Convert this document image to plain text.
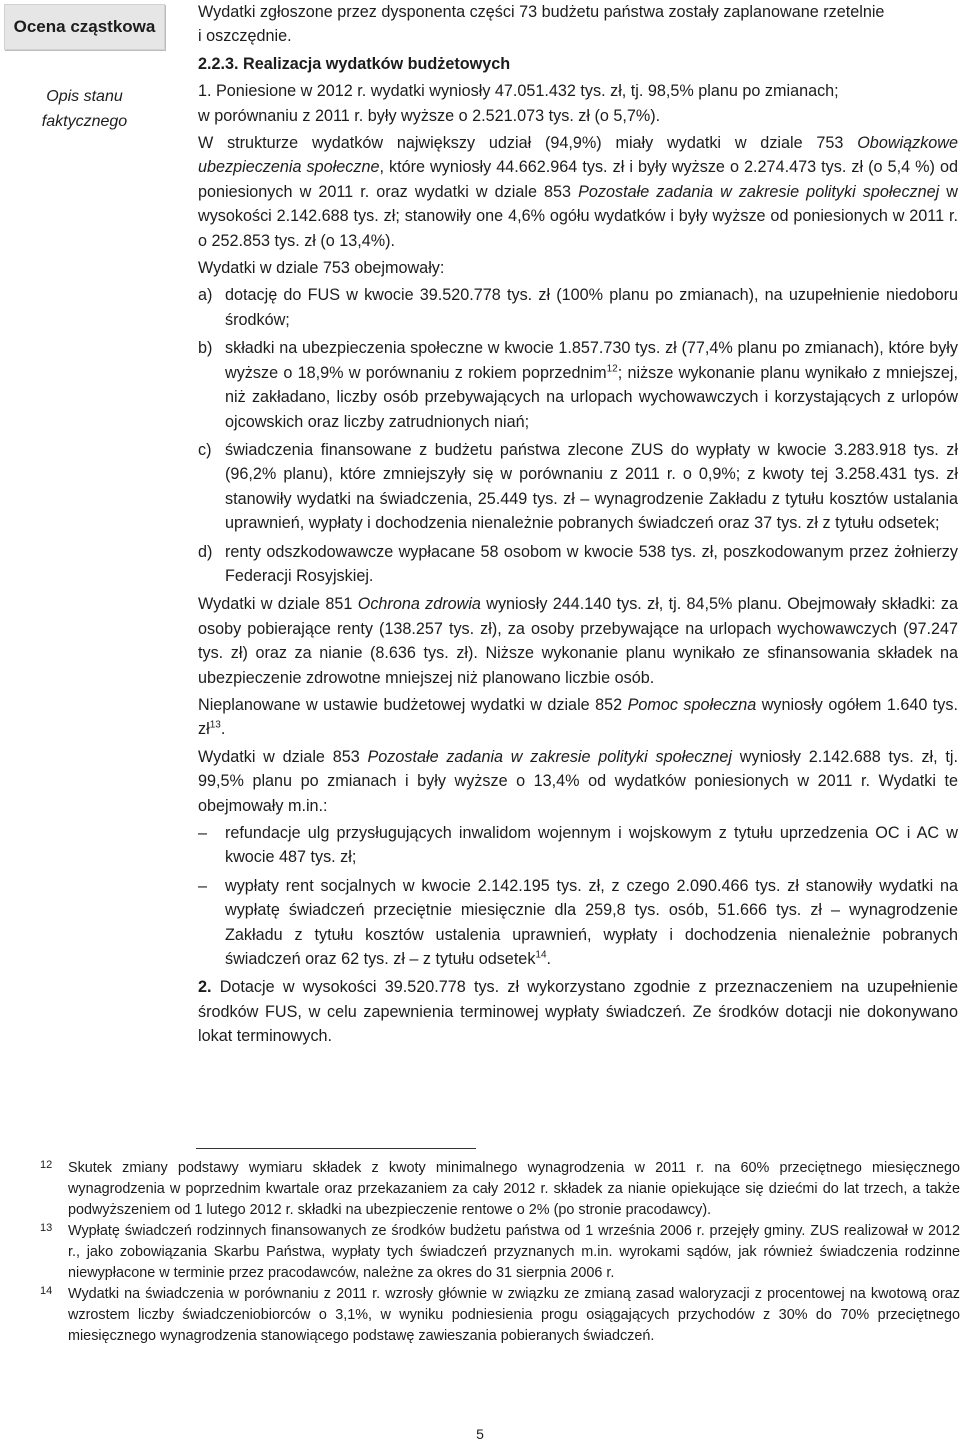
Ocena cząstkowa
Opis stanu
faktycznego

Wydatki zgłoszone przez dysponenta części 73 budżetu państwa zostały zaplanowane rzetelnie
i oszczędnie.

2.2.3. Realizacja wydatków budżetowych

1. Poniesione w 2012 r. wydatki wyniosły 47.051.432 tys. zł, tj. 98,5% planu po zmianach;
w porównaniu z 2011 r. były wyższe o 2.521.073 tys. zł (o 5,7%).

W strukturze wydatków największy udział (94,9%) miały wydatki w dziale 753 Obowiązkowe ubezpieczenia społeczne, które wyniosły 44.662.964 tys. zł i były wyższe o 2.274.473 tys. zł (o 5,4 %) od poniesionych w 2011 r. oraz wydatki w dziale 853 Pozostałe zadania w zakresie polityki społecznej w wysokości 2.142.688 tys. zł; stanowiły one 4,6% ogółu wydatków i były wyższe od poniesionych w 2011 r. o 252.853 tys. zł (o 13,4%).

Wydatki w dziale 753 obejmowały:

a) dotację do FUS w kwocie 39.520.778 tys. zł (100% planu po zmianach), na uzupełnienie niedoboru środków;
b) składki na ubezpieczenia społeczne w kwocie 1.857.730 tys. zł (77,4% planu po zmianach), które były wyższe o 18,9% w porównaniu z rokiem poprzednim$^{12}$; niższe wykonanie planu wynikało z mniejszej, niż zakładano, liczby osób przebywających na urlopach wychowawczych i korzystających z urlopów ojcowskich oraz liczby zatrudnionych niań;
c) świadczenia finansowane z budżetu państwa zlecone ZUS do wypłaty w kwocie 3.283.918 tys. zł (96,2% planu), które zmniejszyły się w porównaniu z 2011 r. o 0,9%; z kwoty tej 3.258.431 tys. zł stanowiły wydatki na świadczenia, 25.449 tys. zł – wynagrodzenie Zakładu z tytułu kosztów ustalania uprawnień, wypłaty i dochodzenia nienależnie pobranych świadczeń oraz 37 tys. zł z tytułu odsetek;
d) renty odszkodowawcze wypłacane 58 osobom w kwocie 538 tys. zł, poszkodowanym przez żołnierzy Federacji Rosyjskiej.

Wydatki w dziale 851 Ochrona zdrowia wyniosły 244.140 tys. zł, tj. 84,5% planu. Obejmowały składki: za osoby pobierające renty (138.257 tys. zł), za osoby przebywające na urlopach wychowawczych (97.247 tys. zł) oraz za nianie (8.636 tys. zł). Niższe wykonanie planu wynikało ze sfinansowania składek na ubezpieczenie zdrowotne mniejszej niż planowano liczbie osób.

Nieplanowane w ustawie budżetowej wydatki w dziale 852 Pomoc społeczna wyniosły ogółem 1.640 tys. $zł^{13}$.

Wydatki w dziale 853 Pozostałe zadania w zakresie polityki społecznej wyniosły 2.142.688 tys. zł, tj. 99,5% planu po zmianach i były wyższe o 13,4% od wydatków poniesionych w 2011 r. Wydatki te obejmowały m.in.:

– refundacje ulg przysługujących inwalidom wojennym i wojskowym z tytułu uprzedzenia OC i AC w kwocie 487 tys. zł;
– wypłaty rent socjalnych w kwocie 2.142.195 tys. zł, z czego 2.090.466 tys. zł stanowiły wydatki na wypłatę świadczeń przeciętnie miesięcznie dla 259,8 tys. osób, 51.666 tys. zł – wynagrodzenie Zakładu z tytułu kosztów ustalenia uprawnień, wypłaty i dochodzenia nienależnie pobranych świadczeń oraz 62 tys. zł – z tytułu odsetek$^{14}$.

2. Dotacje w wysokości 39.520.778 tys. zł wykorzystano zgodnie z przeznaczeniem na uzupełnienie środków FUS, w celu zapewnienia terminowej wypłaty świadczeń. Ze środków dotacji nie dokonywano lokat terminowych.

12 Skutek zmiany podstawy wymiaru składek z kwoty minimalnego wynagrodzenia w 2011 r. na 60% przeciętnego miesięcznego wynagrodzenia w poprzednim kwartale oraz przekazaniem za cały 2012 r. składek za nianie opiekujące się dziećmi do lat trzech, a także podwyższeniem od 1 lutego 2012 r. składki na ubezpieczenie rentowe o 2% (po stronie pracodawcy).

13 Wypłatę świadczeń rodzinnych finansowanych ze środków budżetu państwa od 1 września 2006 r. przejęły gminy. ZUS realizował w 2012 r., jako zobowiązania Skarbu Państwa, wypłaty tych świadczeń przyznanych m.in. wyrokami sądów, jak również świadczenia rodzinne niewypłacone w terminie przez pracodawców, należne za okres do 31 sierpnia 2006 r.

14 Wydatki na świadczenia w porównaniu z 2011 r. wzrosły głównie w związku ze zmianą zasad waloryzacji z procentowej na kwotową oraz wzrostem liczby świadczeniobiorców o 3,1%, w wyniku podniesienia progu osiągających przychodów z 30% do 70% przeciętnego miesięcznego wynagrodzenia stanowiącego podstawę zawieszania pobieranych świadczeń.

5
